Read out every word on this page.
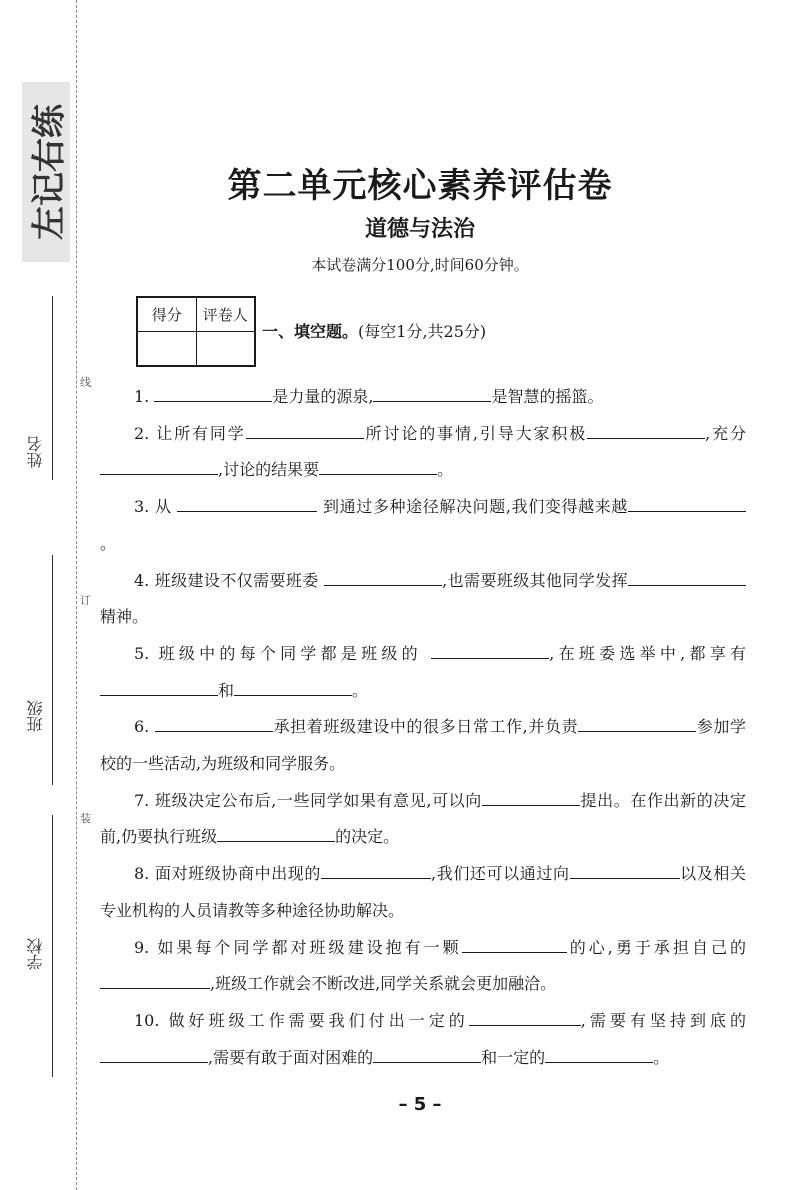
左记右练
姓名
班级
学校
线
订
装
第二单元核心素养评估卷
道德与法治
本试卷满分100分,时间60分钟。
得分	评卷人

一、填空题。(每空1分,共25分)

1.	是力量的源泉,	是智慧的摇篮。

2. 让所有同学	所讨论的事情,引导大家积极	,充分,讨论的结果要	。

3. 从	到通过多种途径解决问题,我们变得越来越。

4. 班级建设不仅需要班委	,也需要班级其他同学发挥精神。

5. 班级中的每个同学都是班级的	,在班委选举中,都享有和	。

6.	承担着班级建设中的很多日常工作,并负责	参加学校的一些活动,为班级和同学服务。

7. 班级决定公布后,一些同学如果有意见,可以向	提出。在作出新的决定前,仍要执行班级	的决定。

8. 面对班级协商中出现的	,我们还可以通过向	以及相关专业机构的人员请教等多种途径协助解决。

9. 如果每个同学都对班级建设抱有一颗	的心,勇于承担自己的,班级工作就会不断改进,同学关系就会更加融洽。

10. 做好班级工作需要我们付出一定的	,需要有坚持到底的,需要有敢于面对困难的	和一定的	。

– 5 –
